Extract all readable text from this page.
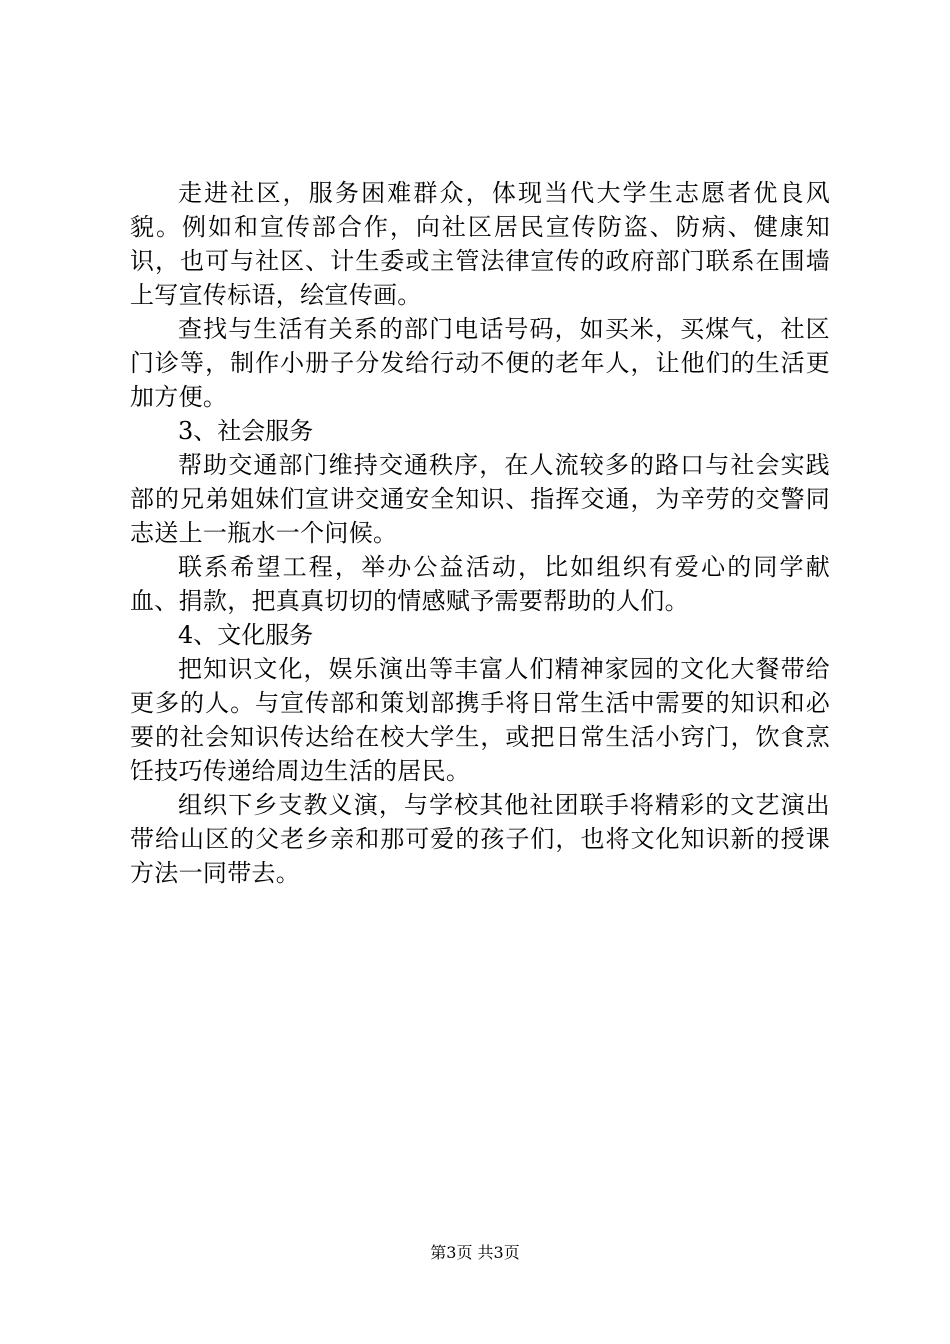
走进社区，服务困难群众，体现当代大学生志愿者优良风貌。例如和宣传部合作，向社区居民宣传防盗、防病、健康知识，也可与社区、计生委或主管法律宣传的政府部门联系在围墙上写宣传标语，绘宣传画。

查找与生活有关系的部门电话号码，如买米，买煤气，社区门诊等，制作小册子分发给行动不便的老年人，让他们的生活更加方便。

3、社会服务

帮助交通部门维持交通秩序，在人流较多的路口与社会实践部的兄弟姐妹们宣讲交通安全知识、指挥交通，为辛劳的交警同志送上一瓶水一个问候。

联系希望工程，举办公益活动，比如组织有爱心的同学献血、捐款，把真真切切的情感赋予需要帮助的人们。

4、文化服务

把知识文化，娱乐演出等丰富人们精神家园的文化大餐带给更多的人。与宣传部和策划部携手将日常生活中需要的知识和必要的社会知识传达给在校大学生，或把日常生活小窍门，饮食烹饪技巧传递给周边生活的居民。

组织下乡支教义演，与学校其他社团联手将精彩的文艺演出带给山区的父老乡亲和那可爱的孩子们，也将文化知识新的授课方法一同带去。

第3页 共3页
